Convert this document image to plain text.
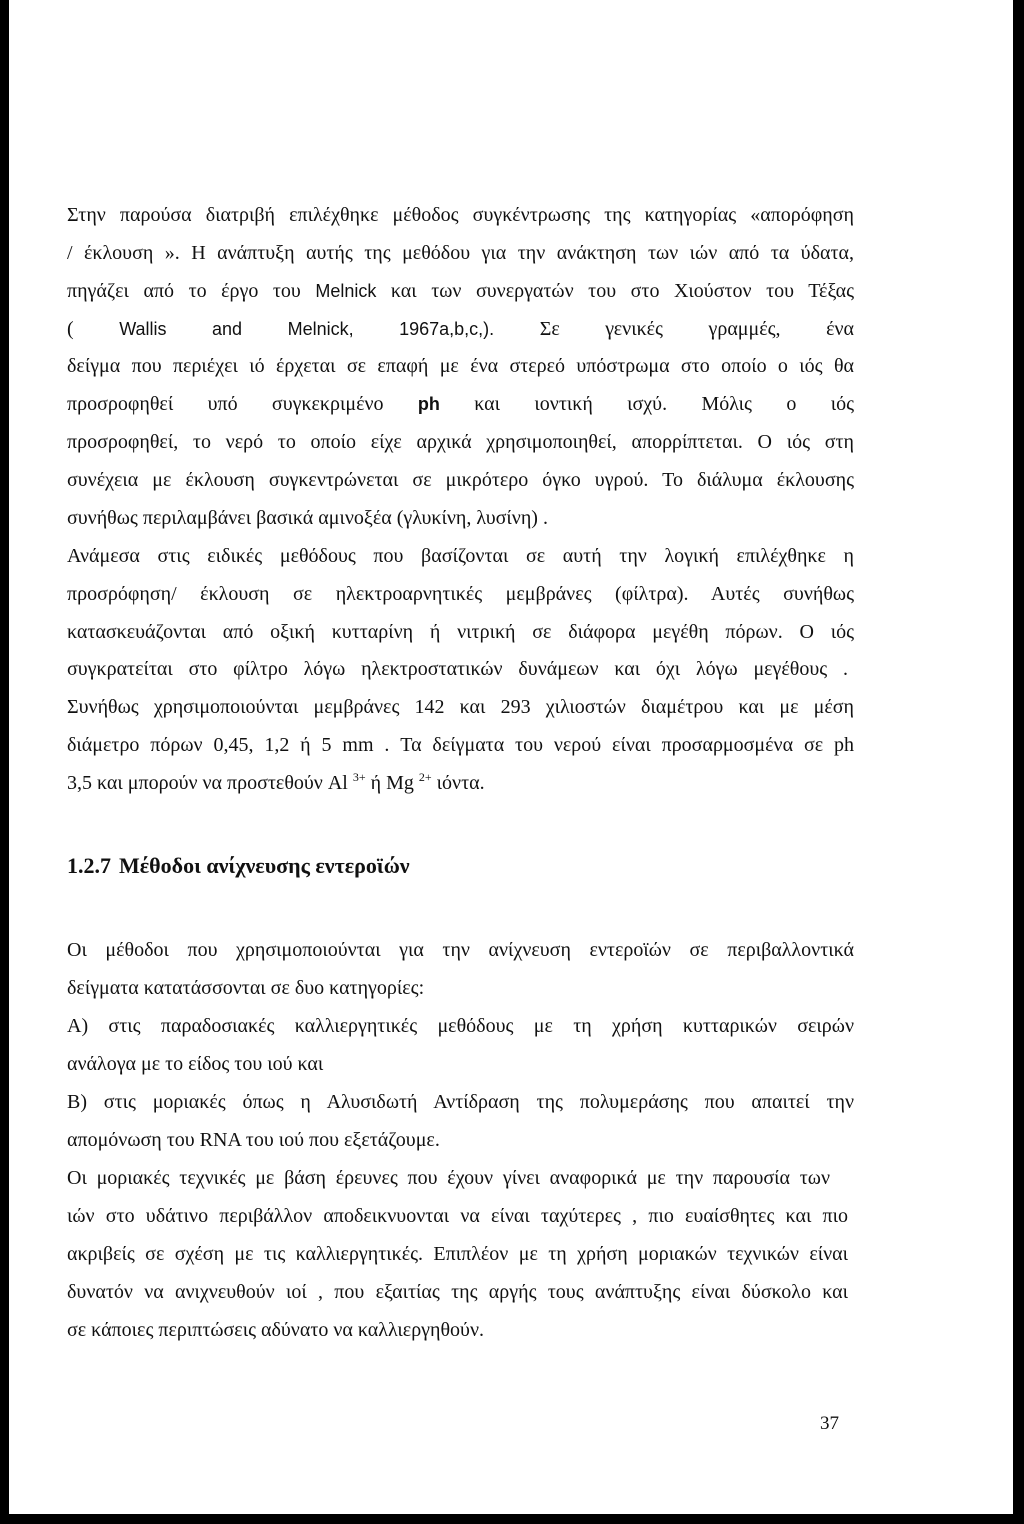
Στην παρούσα διατριβή επιλέχθηκε μέθοδος συγκέντρωσης της κατηγορίας «απορόφηση
/ έκλουση ». Η ανάπτυξη αυτής της μεθόδου για την ανάκτηση των ιών από τα ύδατα,
πηγάζει από το έργο του Melnick και των συνεργατών του στο Χιούστον του Τέξας
( Wallis and Melnick, 1967a,b,c,). Σε γενικές γραμμές, ένα
δείγμα που περιέχει ιό έρχεται σε επαφή με ένα στερεό υπόστρωμα στο οποίο ο ιός θα
προσροφηθεί υπό συγκεκριμένο ph και ιοντική ισχύ. Μόλις ο ιός
προσροφηθεί, το νερό το οποίο είχε αρχικά χρησιμοποιηθεί, απορρίπτεται. Ο ιός στη
συνέχεια με έκλουση συγκεντρώνεται σε μικρότερο όγκο υγρού. Το διάλυμα έκλουσης
συνήθως περιλαμβάνει βασικά αμινοξέα (γλυκίνη, λυσίνη) .
Ανάμεσα στις ειδικές μεθόδους που βασίζονται σε αυτή την λογική επιλέχθηκε η
προσρόφηση/ έκλουση σε ηλεκτροαρνητικές μεμβράνες (φίλτρα). Αυτές συνήθως
κατασκευάζονται από οξική κυτταρίνη ή νιτρική σε διάφορα μεγέθη πόρων. Ο ιός
συγκρατείται στο φίλτρο λόγω ηλεκτροστατικών δυνάμεων και όχι λόγω μεγέθους .
Συνήθως χρησιμοποιούνται μεμβράνες 142 και 293 χιλιοστών διαμέτρου και με μέση
διάμετρο πόρων 0,45, 1,2 ή 5 mm . Τα δείγματα του νερού είναι προσαρμοσμένα σε ph
3,5 και μπορούν να προστεθούν Al $^{3+}$ ή Mg $^{2+}$ ιόντα.
1.2.7 Μέθοδοι ανίχνευσης εντεροϊών
Οι μέθοδοι που χρησιμοποιούνται για την ανίχνευση εντεροϊών σε περιβαλλοντικά
δείγματα κατατάσσονται σε δυο κατηγορίες:
Α) στις παραδοσιακές καλλιεργητικές μεθόδους με τη χρήση κυτταρικών σειρών
ανάλογα με το είδος του ιού και
Β) στις μοριακές όπως η Αλυσιδωτή Αντίδραση της πολυμεράσης που απαιτεί την
απομόνωση του RNA του ιού που εξετάζουμε.
Οι μοριακές τεχνικές με βάση έρευνες που έχουν γίνει αναφορικά με την παρουσία των
ιών στο υδάτινο περιβάλλον αποδεικνυονται να είναι ταχύτερες , πιο ευαίσθητες και πιο
ακριβείς σε σχέση με τις καλλιεργητικές. Επιπλέον με τη χρήση μοριακών τεχνικών είναι
δυνατόν να ανιχνευθούν ιοί , που εξαιτίας της αργής τους ανάπτυξης είναι δύσκολο και
σε κάποιες περιπτώσεις αδύνατο να καλλιεργηθούν.
37
